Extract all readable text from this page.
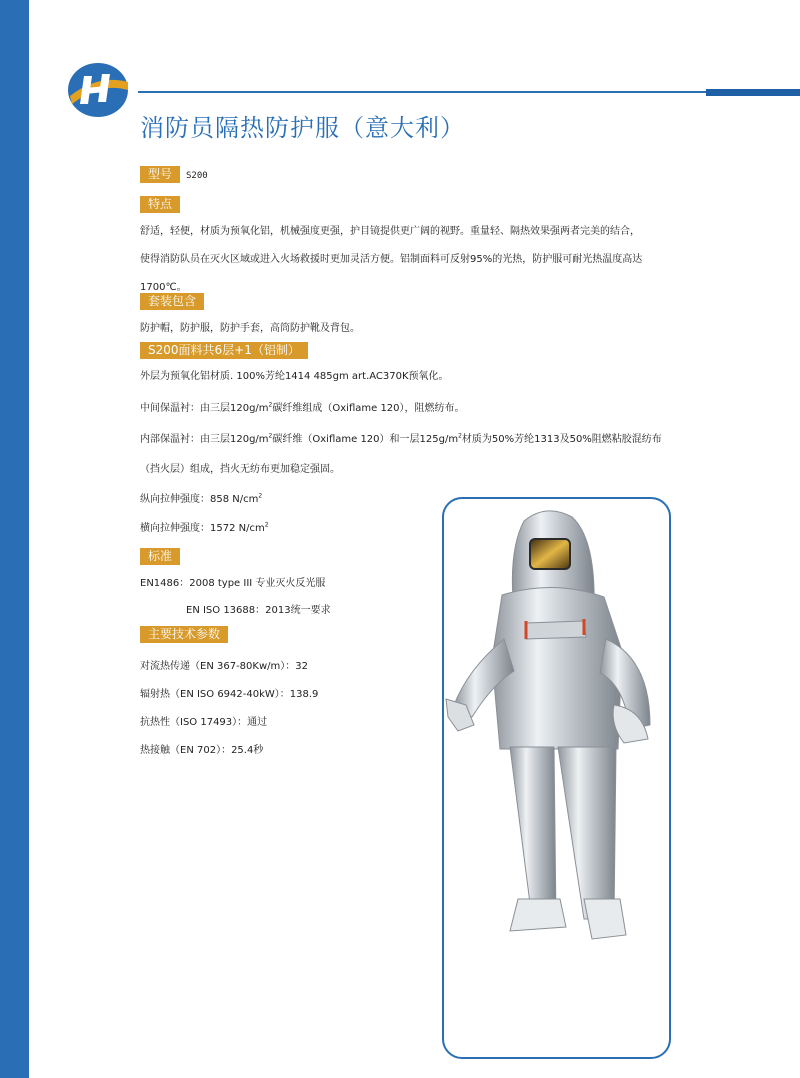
消防员隔热防护服（意大利）
型号	S200
特点
舒适，轻便，材质为预氧化铝，机械强度更强，护目镜提供更广阔的视野。重量轻、隔热效果强两者完美的结合，
使得消防队员在灭火区域或进入火场救援时更加灵活方便。铝制面料可反射95%的光热，防护服可耐光热温度高达
1700℃。
套装包含
防护帽，防护服，防护手套，高筒防护靴及背包。
S200面料共6层+1（铝制）
外层为预氧化铝材质. 100%芳纶1414 485gm art.AC370K预氧化。
中间保温衬：由三层$120g/m^2$碳纤维组成（Oxiflame 120），阻燃纺布。
内部保温衬：由三层$120g/m^2$碳纤维（Oxiflame 120）和一层$125g/m^2$材质为50%芳纶1313及50%阻燃粘胶混纺布
（挡火层）组成，挡火无纺布更加稳定强固。
纵向拉伸强度：858 $N/cm^2$
横向拉伸强度：1572 $N/cm^2$
标准
EN1486：2008 type III 专业灭火反光服
EN ISO 13688：2013统一要求
主要技术参数
对流热传递（EN 367-80Kw/m）：32
辐射热（EN ISO 6942-40kW）：138.9
抗热性（ISO 17493）：通过
热接触（EN 702）：25.4秒
